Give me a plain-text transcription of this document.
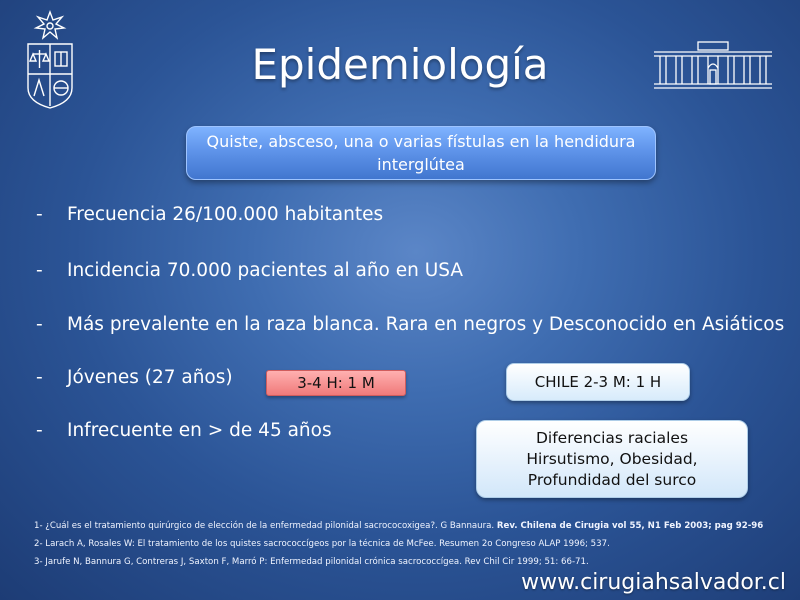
Epidemiología
Quiste, absceso, una o varias fístulas en la hendidura interglútea
-	Frecuencia 26/100.000 habitantes
-	Incidencia 70.000 pacientes al año en USA
-	Más prevalente en la raza blanca. Rara en negros y Desconocido en Asiáticos
-	Jóvenes (27 años)
-	Infrecuente en > de 45 años
3-4 H: 1 M	CHILE 2-3 M: 1 H
Diferencias raciales
Hirsutismo, Obesidad,
Profundidad del surco

1- ¿Cuál es el tratamiento quirúrgico de elección de la enfermedad pilonidal sacrococoxigea?. G Bannaura. Rev. Chilena de Cirugia vol 55, N1 Feb 2003; pag 92-96

2- Larach A, Rosales W: El tratamiento de los quistes sacrococcígeos por la técnica de McFee. Resumen 2o Congreso ALAP 1996; 537.

3- Jarufe N, Bannura G, Contreras J, Saxton F, Marró P: Enfermedad pilonidal crónica sacrococcígea. Rev Chil Cir 1999; 51: 66-71.

www.cirugiahsalvador.cl
